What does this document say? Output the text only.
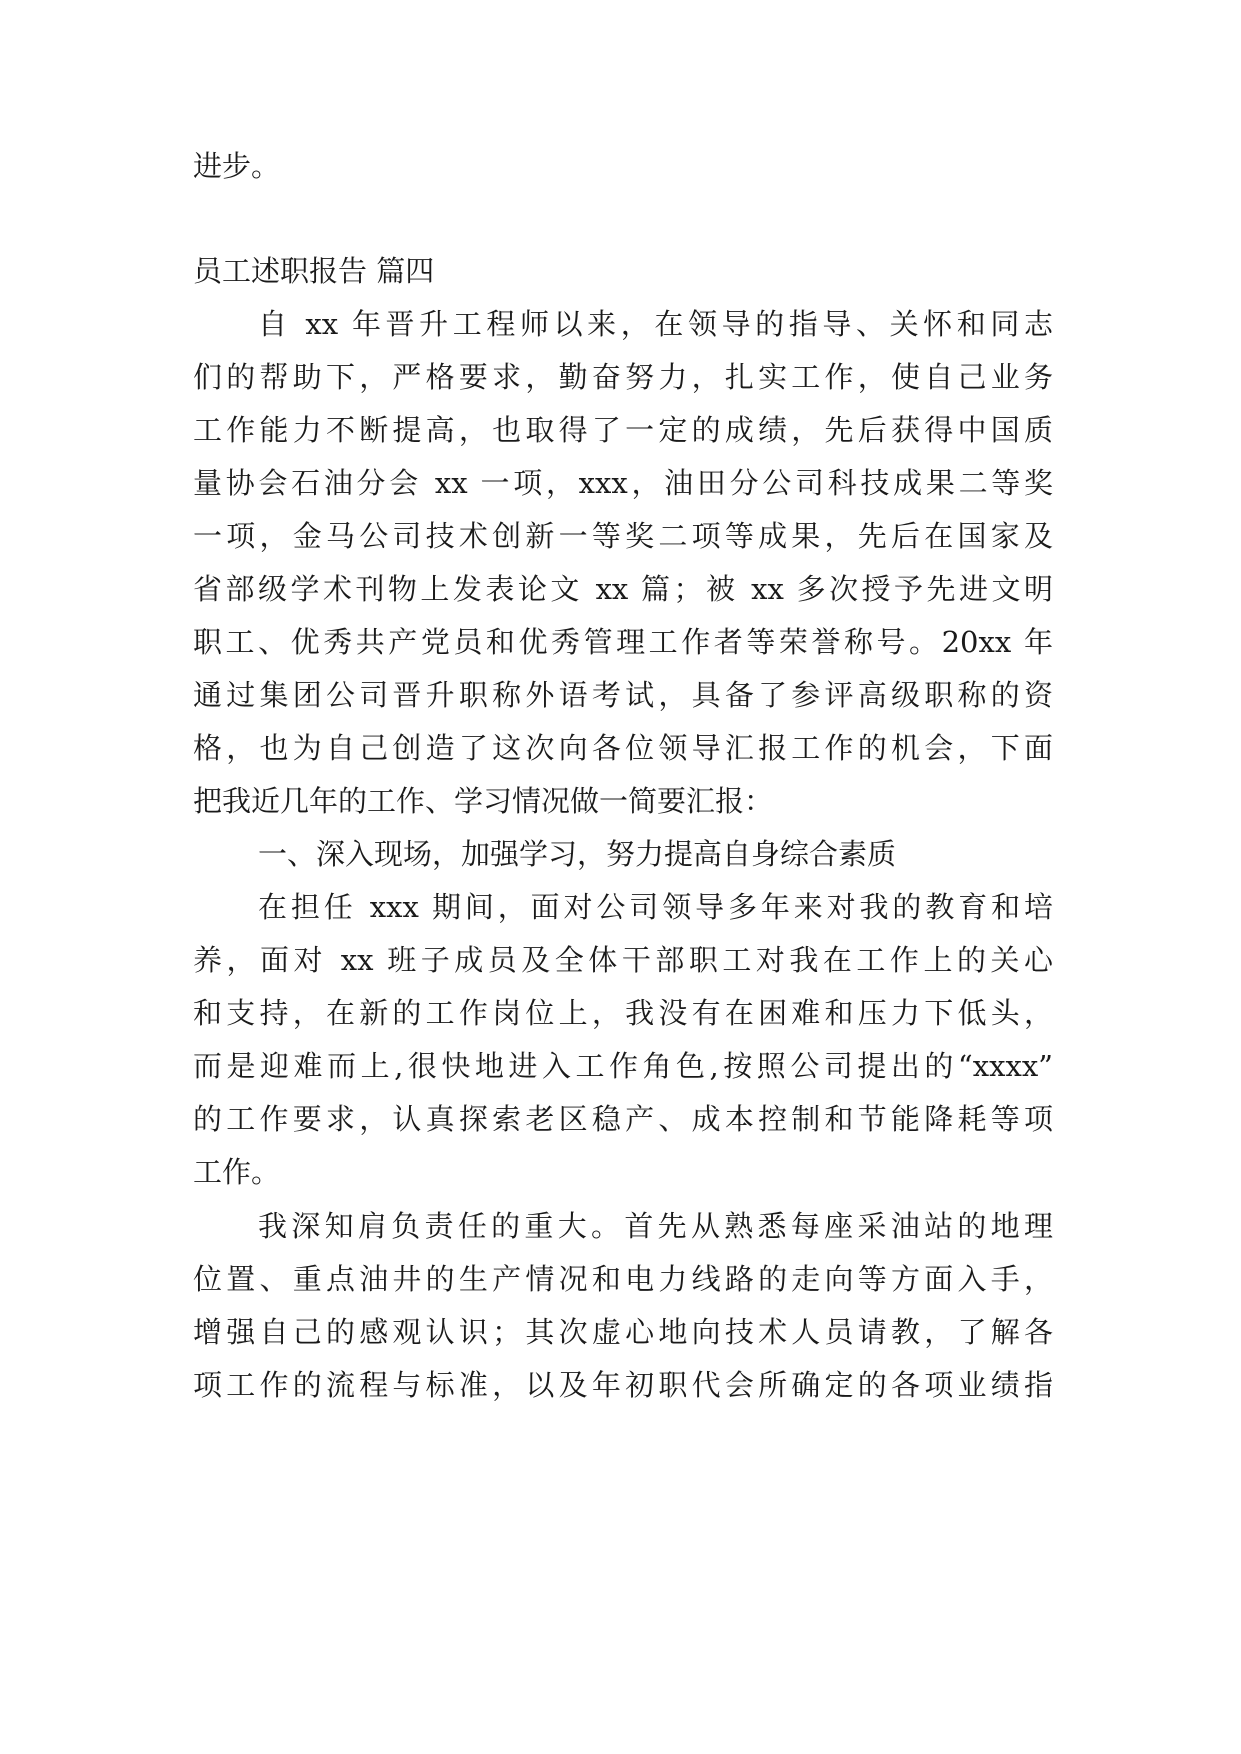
进步。
员工述职报告 篇四
自 xx 年晋升工程师以来，在领导的指导、关怀和同志
们的帮助下，严格要求，勤奋努力，扎实工作，使自己业务
工作能力不断提高，也取得了一定的成绩，先后获得中国质
量协会石油分会 xx 一项，xxx，油田分公司科技成果二等奖
一项，金马公司技术创新一等奖二项等成果，先后在国家及
省部级学术刊物上发表论文 xx 篇；被 xx 多次授予先进文明
职工、优秀共产党员和优秀管理工作者等荣誉称号。20xx 年
通过集团公司晋升职称外语考试，具备了参评高级职称的资
格，也为自己创造了这次向各位领导汇报工作的机会，下面
把我近几年的工作、学习情况做一简要汇报：
一、深入现场，加强学习，努力提高自身综合素质
在担任 xxx 期间，面对公司领导多年来对我的教育和培
养，面对 xx 班子成员及全体干部职工对我在工作上的关心
和支持，在新的工作岗位上，我没有在困难和压力下低头，
而是迎难而上,很快地进入工作角色,按照公司提出的“xxxx”
的工作要求，认真探索老区稳产、成本控制和节能降耗等项
工作。
我深知肩负责任的重大。首先从熟悉每座采油站的地理
位置、重点油井的生产情况和电力线路的走向等方面入手，
增强自己的感观认识；其次虚心地向技术人员请教，了解各
项工作的流程与标准，以及年初职代会所确定的各项业绩指
